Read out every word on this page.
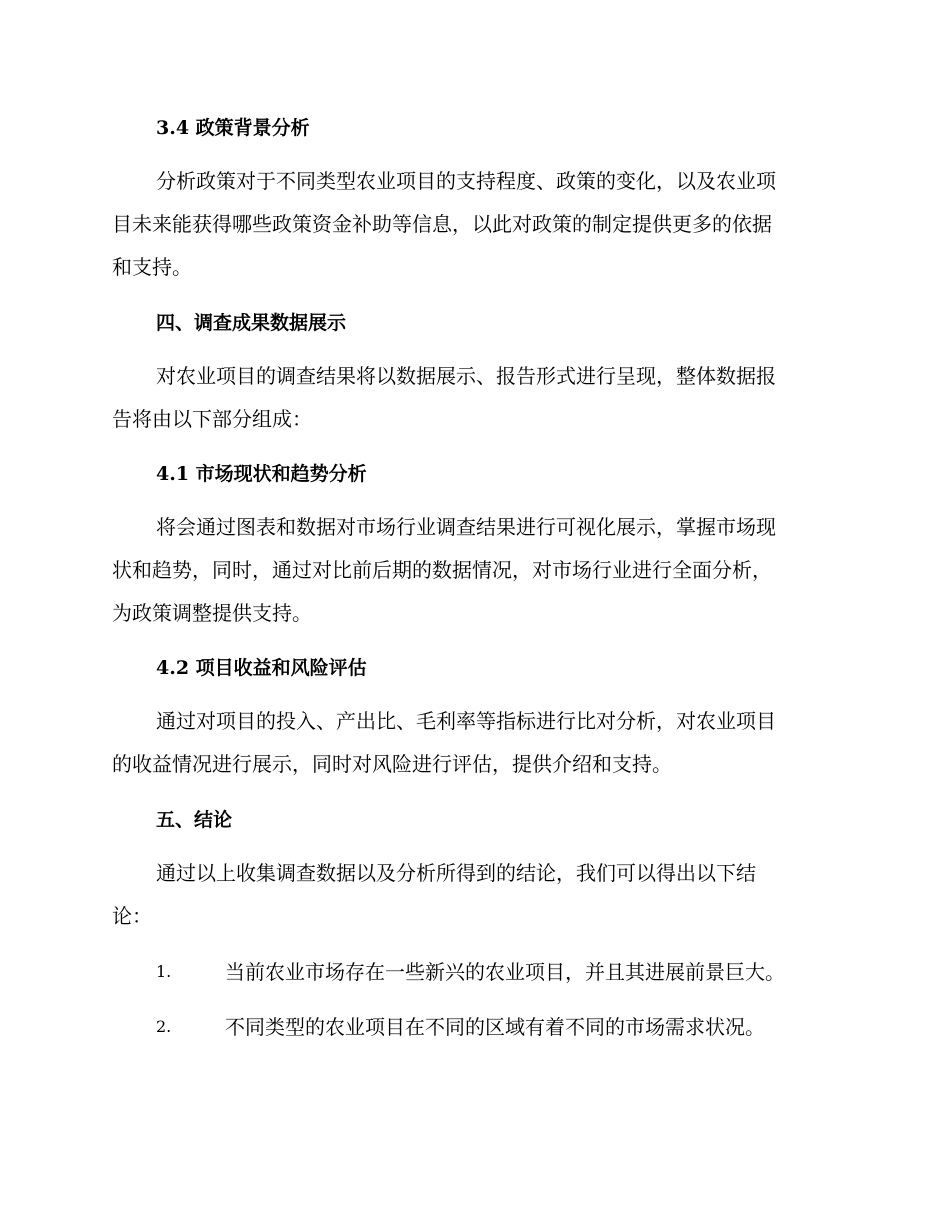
3.4 政策背景分析
分析政策对于不同类型农业项目的支持程度、政策的变化，以及农业项
目未来能获得哪些政策资金补助等信息，以此对政策的制定提供更多的依据
和支持。
四、调查成果数据展示
对农业项目的调查结果将以数据展示、报告形式进行呈现，整体数据报
告将由以下部分组成：
4.1 市场现状和趋势分析
将会通过图表和数据对市场行业调查结果进行可视化展示，掌握市场现
状和趋势，同时，通过对比前后期的数据情况，对市场行业进行全面分析，
为政策调整提供支持。
4.2 项目收益和风险评估
通过对项目的投入、产出比、毛利率等指标进行比对分析，对农业项目
的收益情况进行展示，同时对风险进行评估，提供介绍和支持。
五、结论
通过以上收集调查数据以及分析所得到的结论，我们可以得出以下结
论：
1.	当前农业市场存在一些新兴的农业项目，并且其进展前景巨大。
2.	不同类型的农业项目在不同的区域有着不同的市场需求状况。
